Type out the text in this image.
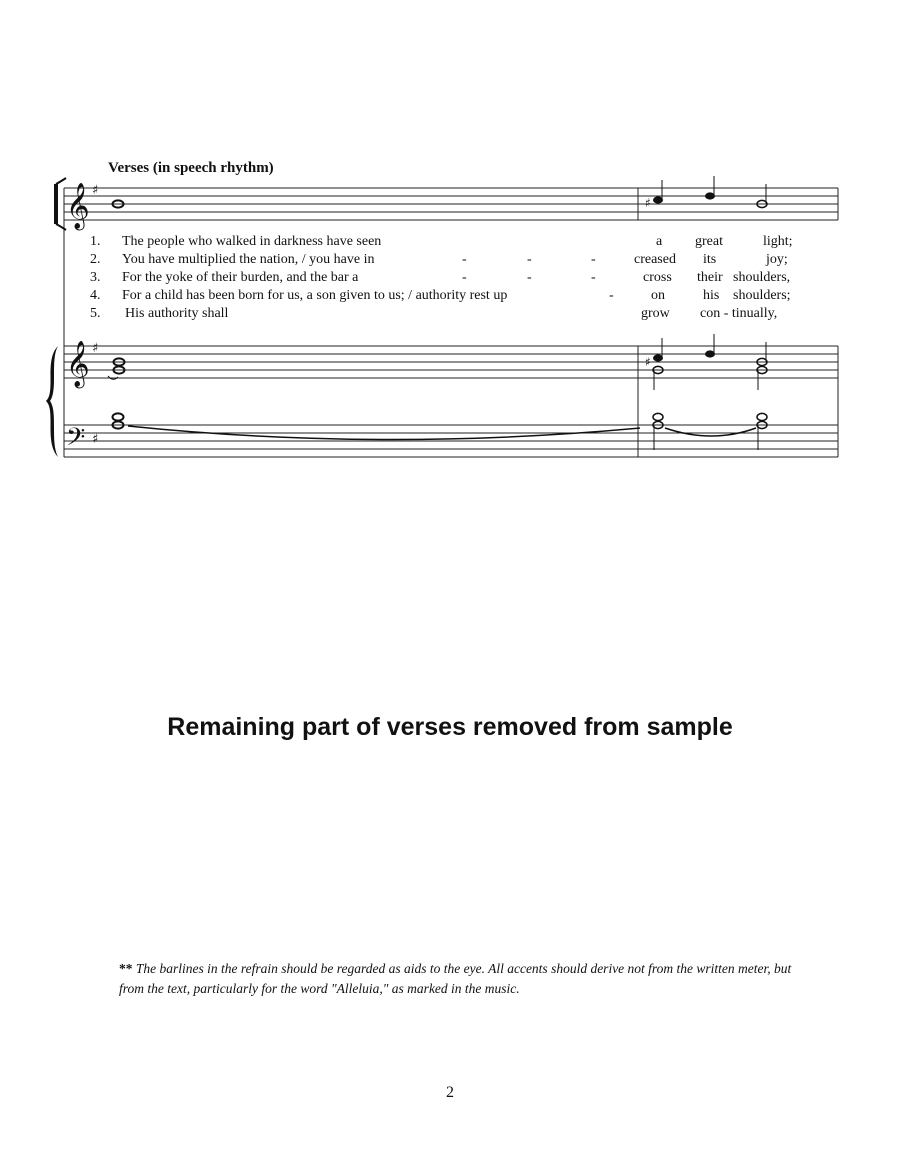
𝄞
𝄞
𝄢
♯
♯
♯
♯
♯
Verses (in speech rhythm)
1. The people who walked in darkness have seen	a great	light;
2. You have multiplied the nation, / you have in	-	-	-	creased its	joy;
3. For the yoke of their burden, and the bar a	-	-	-	cross their shoulders,
4. For a child has been born for us, a son given to us; / authority rest up	-	on	his shoulders;
5. His authority shall	grow con - tinually,
Remaining part of verses removed from sample
** The barlines in the refrain should be regarded as aids to the eye. All accents should derive not from the written meter, but from the text, particularly for the word "Alleluia," as marked in the music.
2
